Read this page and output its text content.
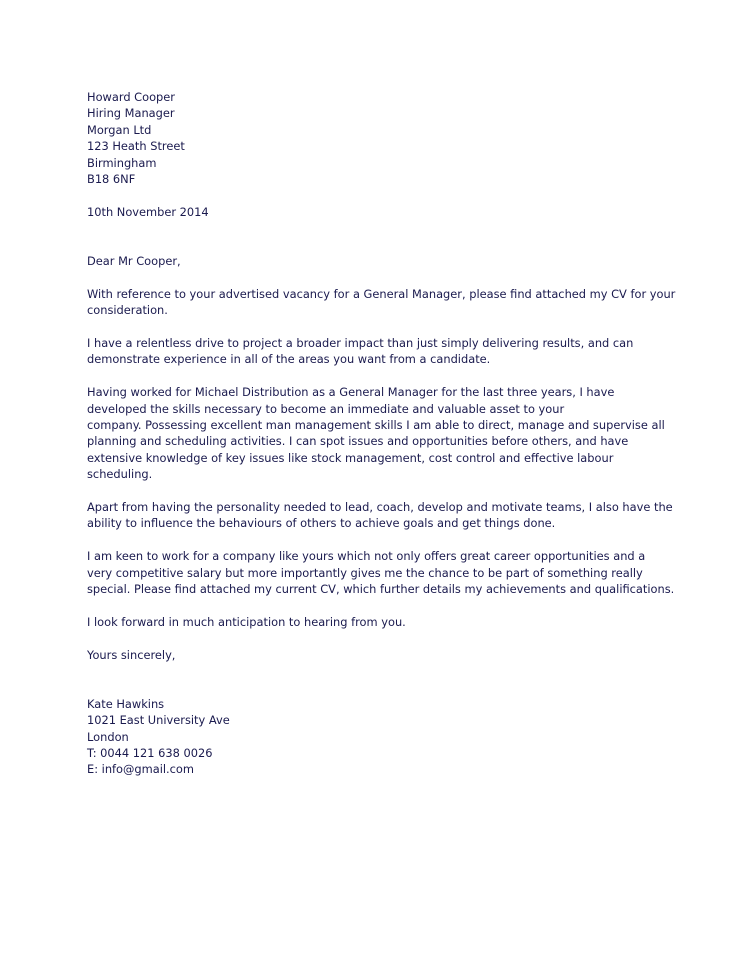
Howard Cooper
Hiring Manager
Morgan Ltd
123 Heath Street
Birmingham
B18 6NF
10th November 2014
Dear Mr Cooper,
With reference to your advertised vacancy for a General Manager, please find attached my CV for your
consideration.
I have a relentless drive to project a broader impact than just simply delivering results, and can
demonstrate experience in all of the areas you want from a candidate.
Having worked for Michael Distribution as a General Manager for the last three years, I have
developed the skills necessary to become an immediate and valuable asset to your
company. Possessing excellent man management skills I am able to direct, manage and supervise all
planning and scheduling activities. I can spot issues and opportunities before others, and have
extensive knowledge of key issues like stock management, cost control and effective labour
scheduling.
Apart from having the personality needed to lead, coach, develop and motivate teams, I also have the
ability to influence the behaviours of others to achieve goals and get things done.
I am keen to work for a company like yours which not only offers great career opportunities and a
very competitive salary but more importantly gives me the chance to be part of something really
special. Please find attached my current CV, which further details my achievements and qualifications.
I look forward in much anticipation to hearing from you.
Yours sincerely,
Kate Hawkins
1021 East University Ave
London
T: 0044 121 638 0026
E: info@gmail.com
